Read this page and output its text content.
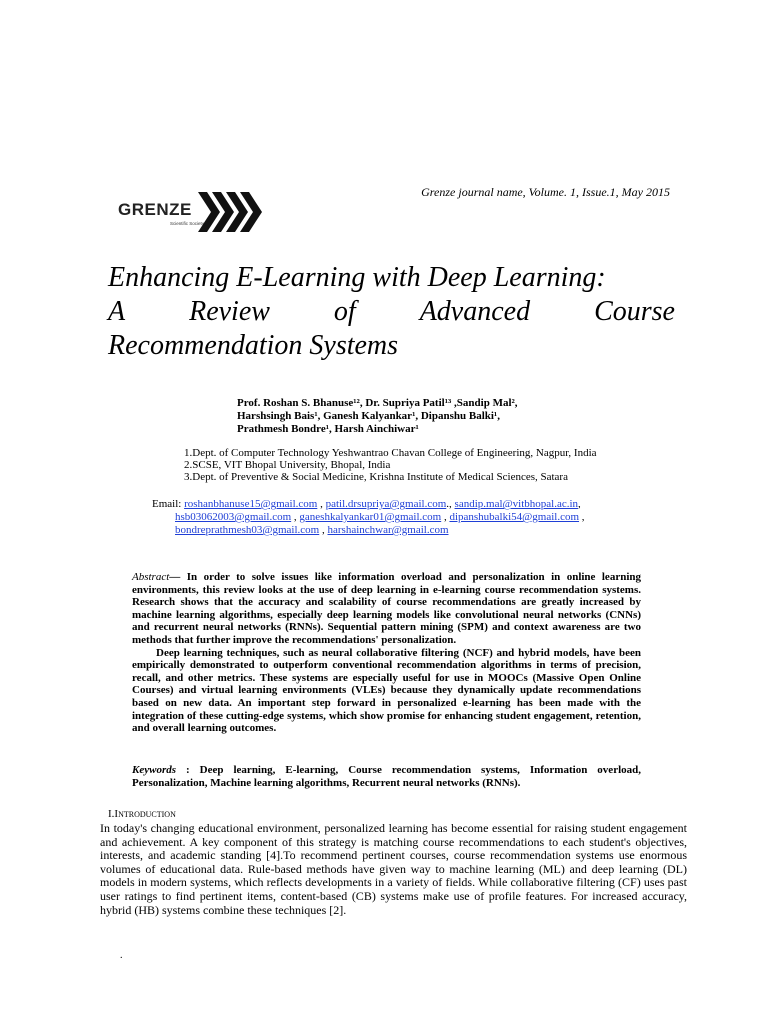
Grenze journal name, Volume. 1, Issue.1, May 2015
GRENZE
Scientific Society
Enhancing E-Learning with Deep Learning:
A Review of Advanced Course
Recommendation Systems
Prof. Roshan S. Bhanuse¹², Dr. Supriya Patil¹³ ,Sandip Mal²,
Harshsingh Bais¹, Ganesh Kalyankar¹, Dipanshu Balki¹,
Prathmesh Bondre¹, Harsh Ainchiwar¹
1.Dept. of Computer Technology Yeshwantrao Chavan College of Engineering, Nagpur, India
2.SCSE, VIT Bhopal University, Bhopal, India
3.Dept. of Preventive & Social Medicine, Krishna Institute of Medical Sciences, Satara
Email: roshanbhanuse15@gmail.com , patil.drsupriya@gmail.com., sandip.mal@vitbhopal.ac.in,
hsb03062003@gmail.com , ganeshkalyankar01@gmail.com , dipanshubalki54@gmail.com ,
bondreprathmesh03@gmail.com , harshainchwar@gmail.com

Abstract— In order to solve issues like information overload and personalization in online learning environments, this review looks at the use of deep learning in e-learning course recommendation systems. Research shows that the accuracy and scalability of course recommendations are greatly increased by machine learning algorithms, especially deep learning models like convolutional neural networks (CNNs) and recurrent neural networks (RNNs). Sequential pattern mining (SPM) and context awareness are two methods that further improve the recommendations' personalization.

Deep learning techniques, such as neural collaborative filtering (NCF) and hybrid models, have been empirically demonstrated to outperform conventional recommendation algorithms in terms of precision, recall, and other metrics. These systems are especially useful for use in MOOCs (Massive Open Online Courses) and virtual learning environments (VLEs) because they dynamically update recommendations based on new data. An important step forward in personalized e-learning has been made with the integration of these cutting-edge systems, which show promise for enhancing student engagement, retention, and overall learning outcomes.

Keywords : Deep learning, E-learning, Course recommendation systems, Information overload, Personalization, Machine learning algorithms, Recurrent neural networks (RNNs).
I.Introduction
In today's changing educational environment, personalized learning has become essential for raising student engagement and achievement. A key component of this strategy is matching course recommendations to each student's objectives, interests, and academic standing [4].To recommend pertinent courses, course recommendation systems use enormous volumes of educational data. Rule-based methods have given way to machine learning (ML) and deep learning (DL) models in modern systems, which reflects developments in a variety of fields. While collaborative filtering (CF) uses past user ratings to find pertinent items, content-based (CB) systems make use of profile features. For increased accuracy, hybrid (HB) systems combine these techniques [2].
.
